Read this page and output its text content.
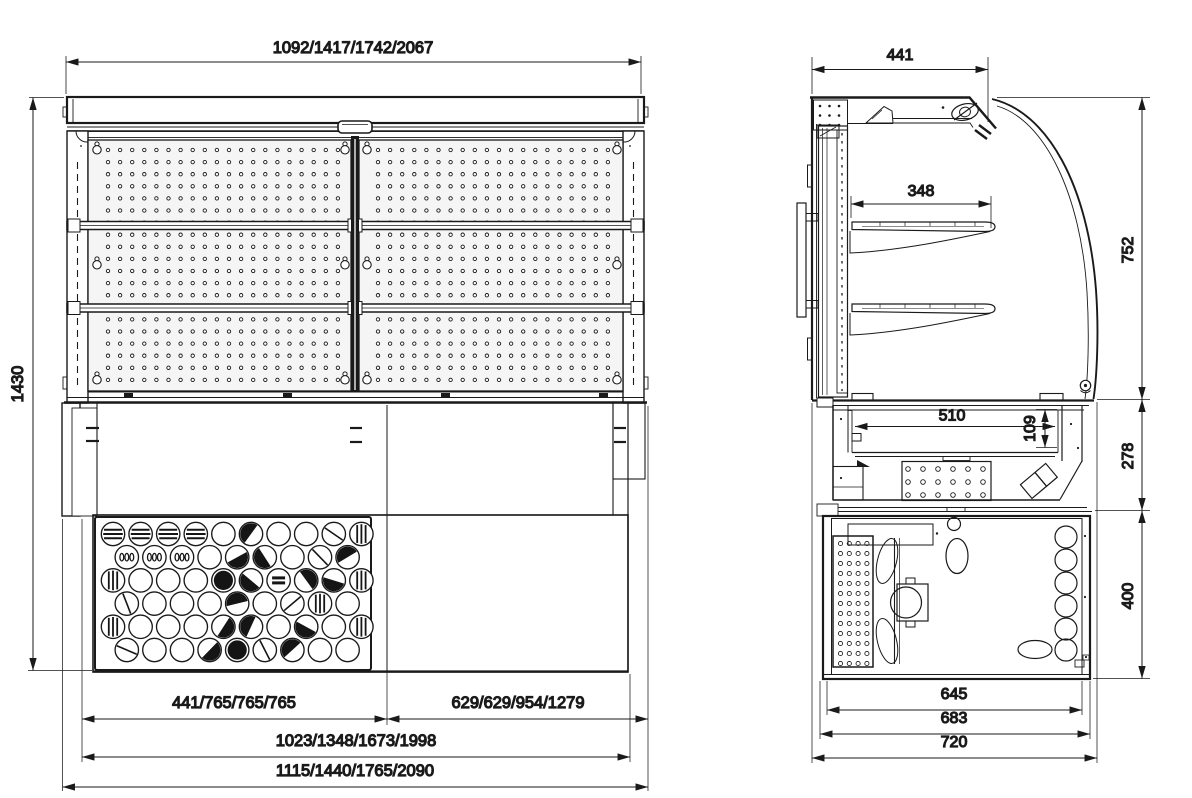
1092/1417/1742/2067
1430
441/765/765/765	629/629/954/1279
1023/1348/1673/1998
1115/1440/1765/2090
441
348
752
510	109
278
400
645
683
720
